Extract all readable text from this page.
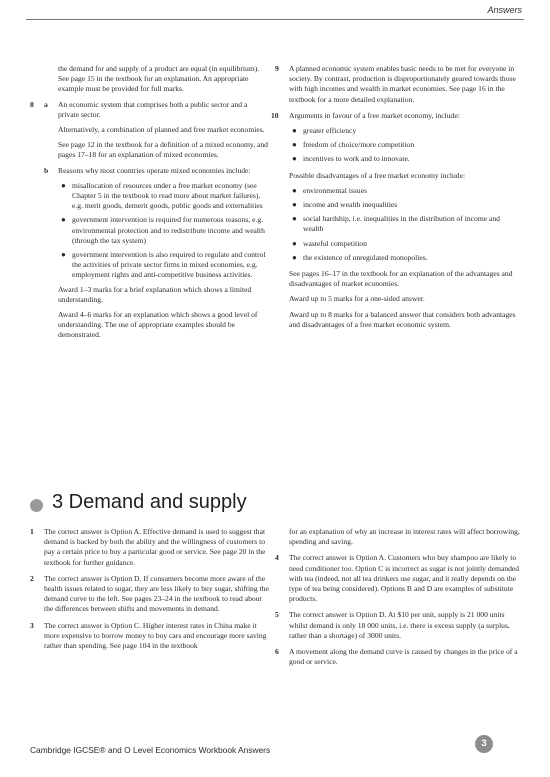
Answers

the demand for and supply of a product are equal (in equilibrium). See page 15 in the textbook for an explanation. An appropriate example must be provided for full marks.

8 a An economic system that comprises both a public sector and a private sector.

Alternatively, a combination of planned and free market economies.

See page 12 in the textbook for a definition of a mixed economy, and pages 17–18 for an explanation of mixed economies.

b Reasons why most countries operate mixed economies include:

● misallocation of resources under a free market economy (see Chapter 5 in the textbook to read more about market failures), e.g. merit goods, demerit goods, public goods and externalities
● government intervention is required for numerous reasons, e.g. environmental protection and to redistribute income and wealth (through the tax system)
● government intervention is also required to regulate and control the activities of private sector firms in mixed economies, e.g. employment rights and anti-competitive business activities.

Award 1–3 marks for a brief explanation which shows a limited understanding.

Award 4–6 marks for an explanation which shows a good level of understanding. The use of appropriate examples should be demonstrated.

9 A planned economic system enables basic needs to be met for everyone in society. By contrast, production is disproportionately geared towards those with high incomes and wealth in market economies. See page 16 in the textbook for a more detailed explanation.

10 Arguments in favour of a free market economy, include:

● greater efficiency
● freedom of choice/more competition
● incentives to work and to innovate.

Possible disadvantages of a free market economy include:

● environmental issues
● income and wealth inequalities
● social hardship, i.e. inequalities in the distribution of income and wealth
● wasteful competition
● the existence of unregulated monopolies.

See pages 16–17 in the textbook for an explanation of the advantages and disadvantages of market economies.

Award up to 5 marks for a one-sided answer.

Award up to 8 marks for a balanced answer that considers both advantages and disadvantages of a free market economic system.

3 Demand and supply
1 The correct answer is Option A. Effective demand is used to suggest that demand is backed by both the ability and the willingness of customers to pay a certain price to buy a particular good or service. See page 20 in the textbook for further guidance.

2 The correct answer is Option D. If consumers become more aware of the health issues related to sugar, they are less likely to buy sugar, shifting the demand curve to the left. See pages 23–24 in the textbook to read about the differences between shifts and movements in demand.

3 The correct answer is Option C. Higher interest rates in China make it more expensive to borrow money to buy cars and encourage more saving rather than spending. See page 104 in the textbook

for an explanation of why an increase in interest rates will affect borrowing, spending and saving.

4 The correct answer is Option A. Customers who buy shampoo are likely to need conditioner too. Option C is incorrect as sugar is not jointly demanded with tea (indeed, not all tea drinkers use sugar, and it really depends on the type of tea being considered). Options B and D are examples of substitute products.

5 The correct answer is Option D. At $10 per unit, supply is 21 000 units whilst demand is only 18 000 units, i.e. there is excess supply (a surplus, rather than a shortage) of 3000 units.

6 A movement along the demand curve is caused by changes in the price of a good or service.

Cambridge IGCSE® and O Level Economics Workbook Answers
3
